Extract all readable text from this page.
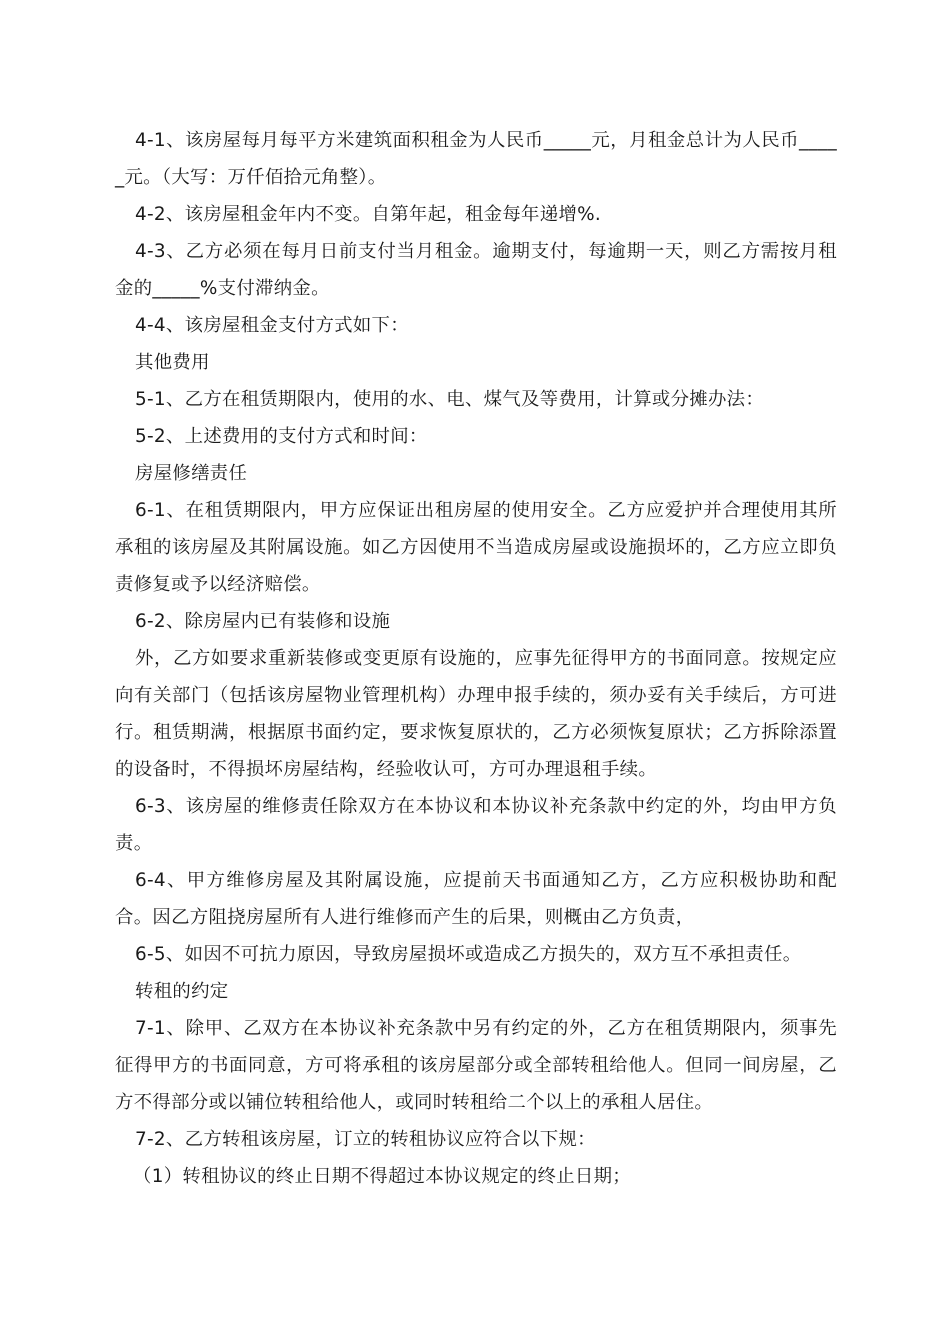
4-1、该房屋每月每平方米建筑面积租金为人民币_____元，月租金总计为人民币_____元。（大写：万仟佰拾元角整）。

4-2、该房屋租金年内不变。自第年起，租金每年递增%.

4-3、乙方必须在每月日前支付当月租金。逾期支付，每逾期一天，则乙方需按月租金的_____%支付滞纳金。

4-4、该房屋租金支付方式如下：

其他费用

5-1、乙方在租赁期限内，使用的水、电、煤气及等费用，计算或分摊办法：

5-2、上述费用的支付方式和时间：

房屋修缮责任

6-1、在租赁期限内，甲方应保证出租房屋的使用安全。乙方应爱护并合理使用其所承租的该房屋及其附属设施。如乙方因使用不当造成房屋或设施损坏的，乙方应立即负责修复或予以经济赔偿。

6-2、除房屋内已有装修和设施

外，乙方如要求重新装修或变更原有设施的，应事先征得甲方的书面同意。按规定应向有关部门（包括该房屋物业管理机构）办理申报手续的，须办妥有关手续后，方可进行。租赁期满，根据原书面约定，要求恢复原状的，乙方必须恢复原状；乙方拆除添置的设备时，不得损坏房屋结构，经验收认可，方可办理退租手续。

6-3、该房屋的维修责任除双方在本协议和本协议补充条款中约定的外，均由甲方负责。

6-4、甲方维修房屋及其附属设施，应提前天书面通知乙方，乙方应积极协助和配合。因乙方阻挠房屋所有人进行维修而产生的后果，则概由乙方负责，

6-5、如因不可抗力原因，导致房屋损坏或造成乙方损失的，双方互不承担责任。

转租的约定

7-1、除甲、乙双方在本协议补充条款中另有约定的外，乙方在租赁期限内，须事先征得甲方的书面同意，方可将承租的该房屋部分或全部转租给他人。但同一间房屋，乙方不得部分或以铺位转租给他人，或同时转租给二个以上的承租人居住。

7-2、乙方转租该房屋，订立的转租协议应符合以下规：

（1）转租协议的终止日期不得超过本协议规定的终止日期；
